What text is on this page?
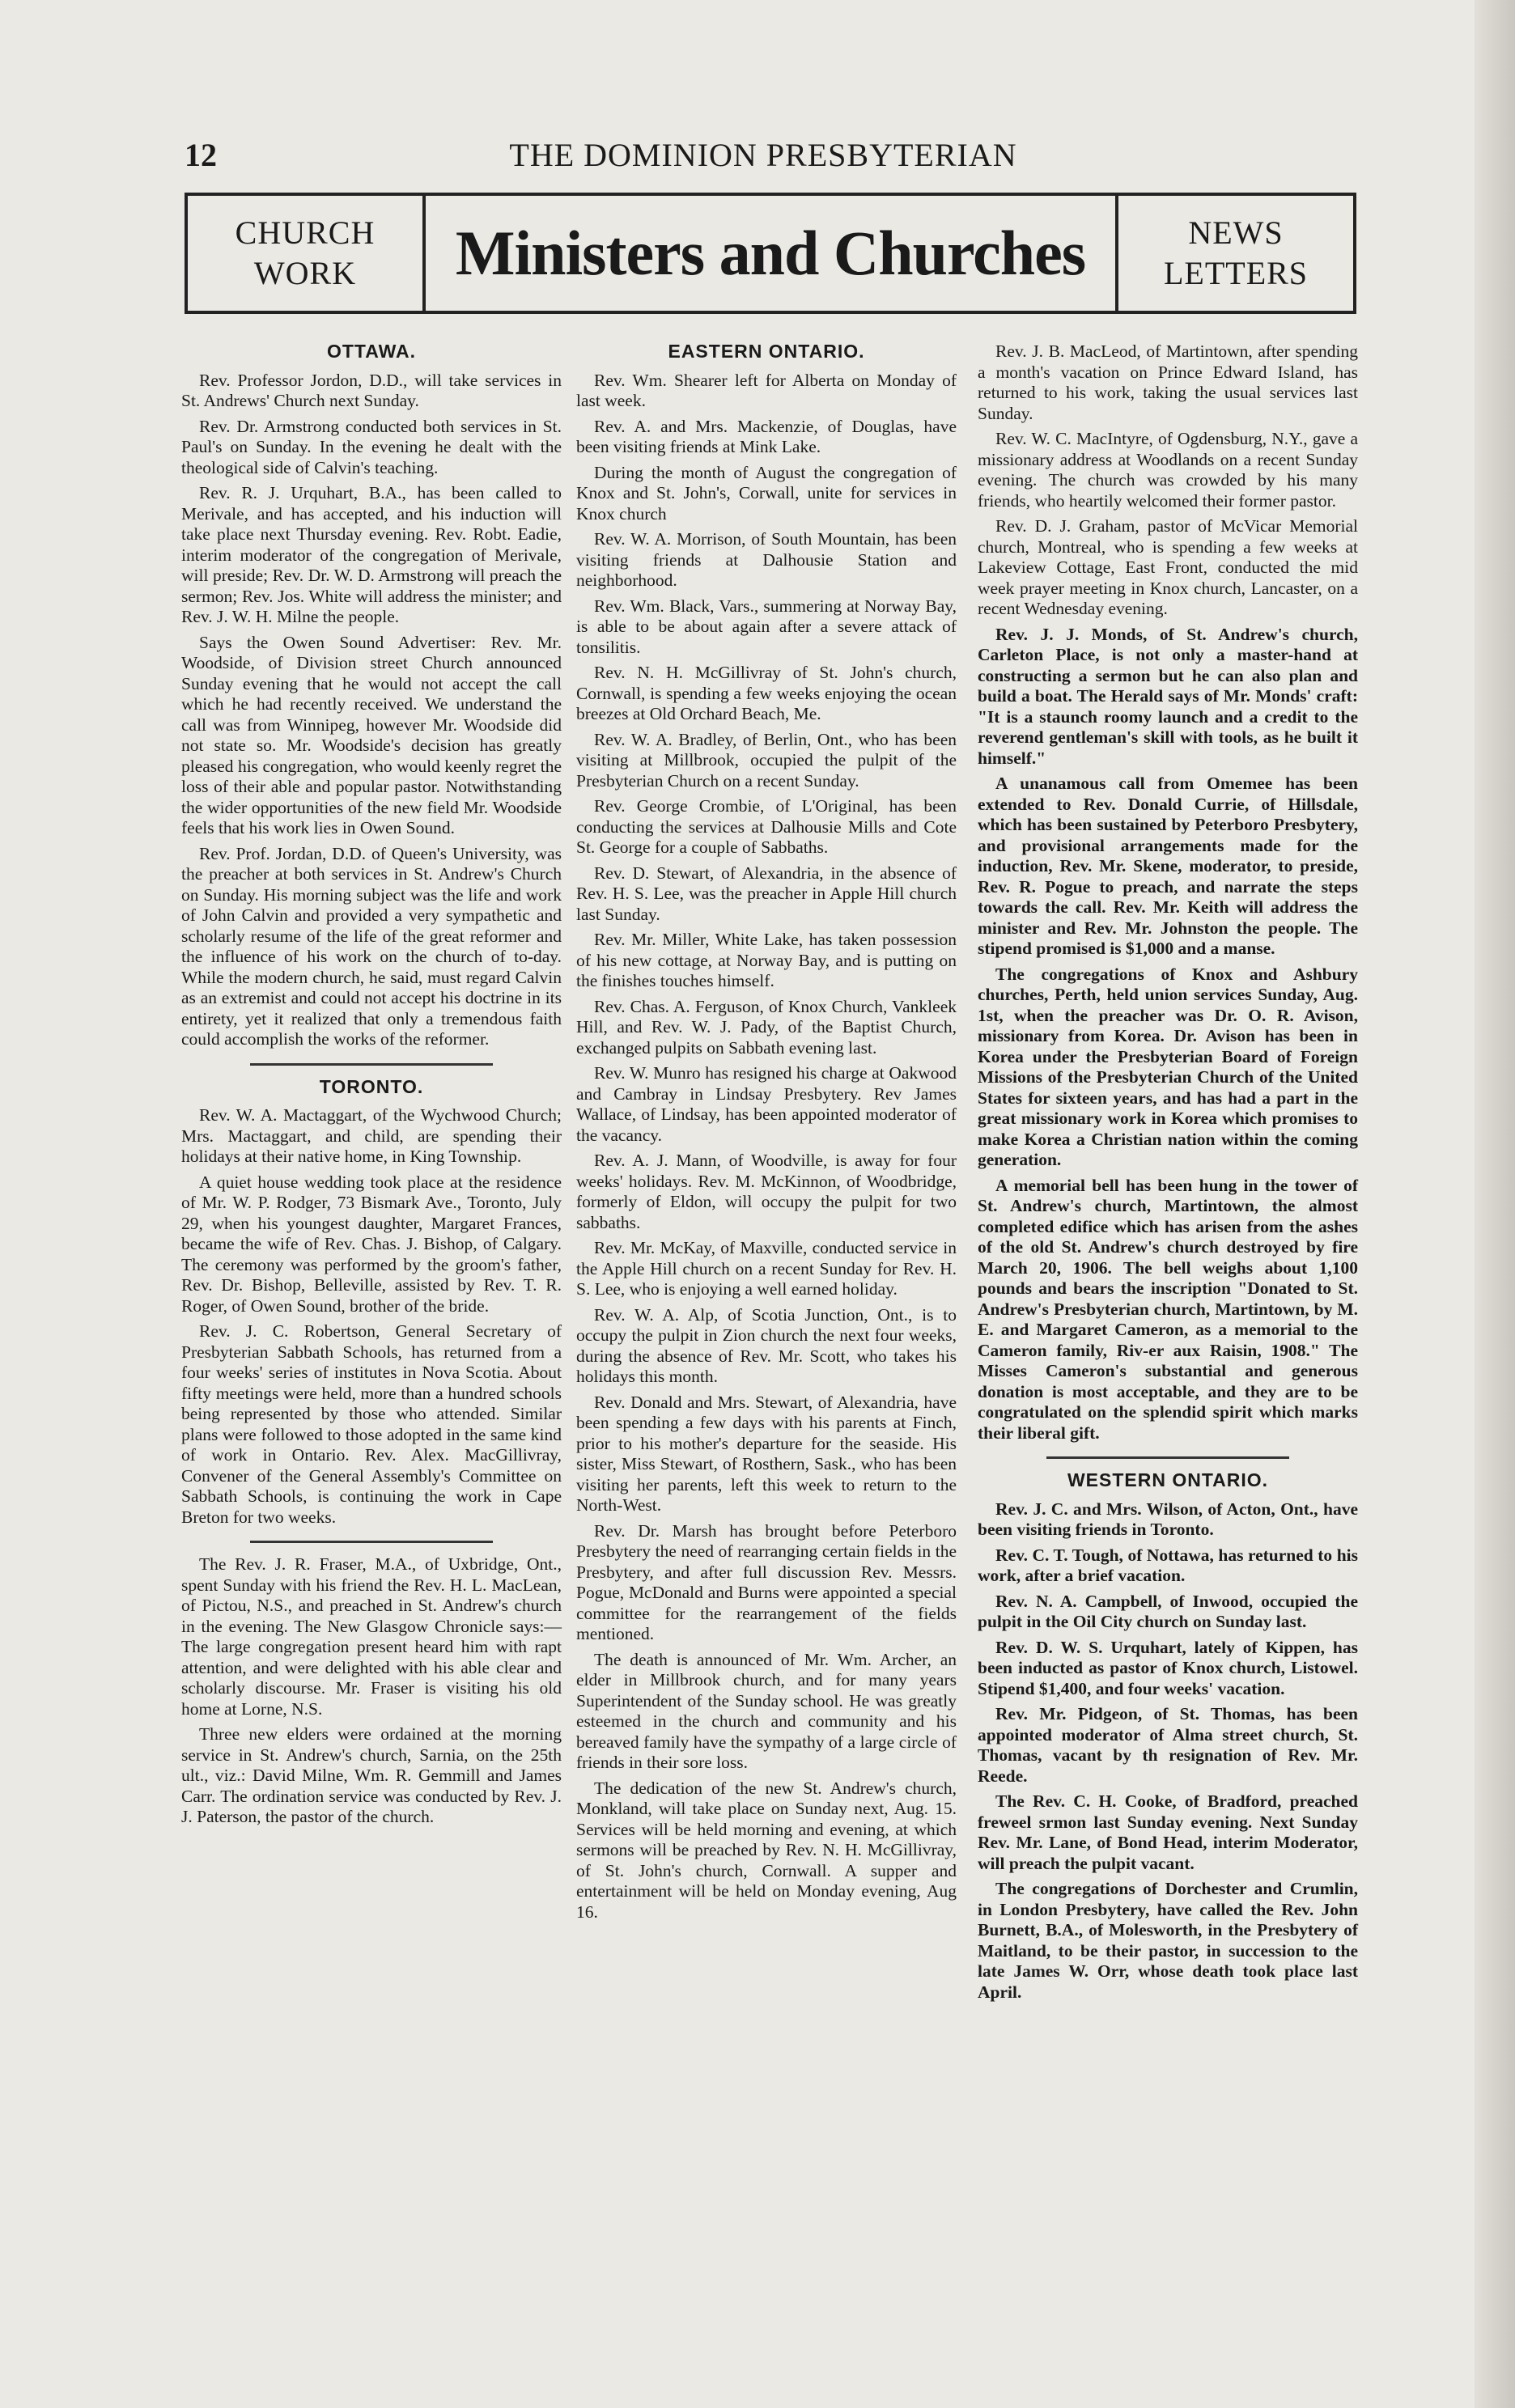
12	THE DOMINION PRESBYTERIAN
CHURCH
WORK	Ministers and Churches	NEWS
LETTERS
OTTAWA.

Rev. Professor Jordon, D.D., will take services in St. Andrews' Church next Sunday.

Rev. Dr. Armstrong conducted both services in St. Paul's on Sunday. In the evening he dealt with the theological side of Calvin's teaching.

Rev. R. J. Urquhart, B.A., has been called to Merivale, and has accepted, and his induction will take place next Thursday evening. Rev. Robt. Eadie, interim moderator of the congregation of Merivale, will preside; Rev. Dr. W. D. Armstrong will preach the sermon; Rev. Jos. White will address the minister; and Rev. J. W. H. Milne the people.

Says the Owen Sound Advertiser: Rev. Mr. Woodside, of Division street Church announced Sunday evening that he would not accept the call which he had recently received. We understand the call was from Winnipeg, however Mr. Woodside did not state so. Mr. Woodside's decision has greatly pleased his congregation, who would keenly regret the loss of their able and popular pastor. Notwithstanding the wider opportunities of the new field Mr. Woodside feels that his work lies in Owen Sound.

Rev. Prof. Jordan, D.D. of Queen's University, was the preacher at both services in St. Andrew's Church on Sunday. His morning subject was the life and work of John Calvin and provided a very sympathetic and scholarly resume of the life of the great reformer and the influence of his work on the church of to-day. While the modern church, he said, must regard Calvin as an extremist and could not accept his doctrine in its entirety, yet it realized that only a tremendous faith could accomplish the works of the reformer.

TORONTO.

Rev. W. A. Mactaggart, of the Wychwood Church; Mrs. Mactaggart, and child, are spending their holidays at their native home, in King Township.

A quiet house wedding took place at the residence of Mr. W. P. Rodger, 73 Bismark Ave., Toronto, July 29, when his youngest daughter, Margaret Frances, became the wife of Rev. Chas. J. Bishop, of Calgary. The ceremony was performed by the groom's father, Rev. Dr. Bishop, Belleville, assisted by Rev. T. R. Roger, of Owen Sound, brother of the bride.

Rev. J. C. Robertson, General Secretary of Presbyterian Sabbath Schools, has returned from a four weeks' series of institutes in Nova Scotia. About fifty meetings were held, more than a hundred schools being represented by those who attended. Similar plans were followed to those adopted in the same kind of work in Ontario. Rev. Alex. MacGillivray, Convener of the General Assembly's Committee on Sabbath Schools, is continuing the work in Cape Breton for two weeks.

The Rev. J. R. Fraser, M.A., of Uxbridge, Ont., spent Sunday with his friend the Rev. H. L. MacLean, of Pictou, N.S., and preached in St. Andrew's church in the evening. The New Glasgow Chronicle says:—The large congregation present heard him with rapt attention, and were delighted with his able clear and scholarly discourse. Mr. Fraser is visiting his old home at Lorne, N.S.

Three new elders were ordained at the morning service in St. Andrew's church, Sarnia, on the 25th ult., viz.: David Milne, Wm. R. Gemmill and James Carr. The ordination service was conducted by Rev. J. J. Paterson, the pastor of the church.

EASTERN ONTARIO.

Rev. Wm. Shearer left for Alberta on Monday of last week.

Rev. A. and Mrs. Mackenzie, of Douglas, have been visiting friends at Mink Lake.

During the month of August the congregation of Knox and St. John's, Corwall, unite for services in Knox church

Rev. W. A. Morrison, of South Mountain, has been visiting friends at Dalhousie Station and neighborhood.

Rev. Wm. Black, Vars., summering at Norway Bay, is able to be about again after a severe attack of tonsilitis.

Rev. N. H. McGillivray of St. John's church, Cornwall, is spending a few weeks enjoying the ocean breezes at Old Orchard Beach, Me.

Rev. W. A. Bradley, of Berlin, Ont., who has been visiting at Millbrook, occupied the pulpit of the Presbyterian Church on a recent Sunday.

Rev. George Crombie, of L'Original, has been conducting the services at Dalhousie Mills and Cote St. George for a couple of Sabbaths.

Rev. D. Stewart, of Alexandria, in the absence of Rev. H. S. Lee, was the preacher in Apple Hill church last Sunday.

Rev. Mr. Miller, White Lake, has taken possession of his new cottage, at Norway Bay, and is putting on the finishes touches himself.

Rev. Chas. A. Ferguson, of Knox Church, Vankleek Hill, and Rev. W. J. Pady, of the Baptist Church, exchanged pulpits on Sabbath evening last.

Rev. W. Munro has resigned his charge at Oakwood and Cambray in Lindsay Presbytery. Rev James Wallace, of Lindsay, has been appointed moderator of the vacancy.

Rev. A. J. Mann, of Woodville, is away for four weeks' holidays. Rev. M. McKinnon, of Woodbridge, formerly of Eldon, will occupy the pulpit for two sabbaths.

Rev. Mr. McKay, of Maxville, conducted service in the Apple Hill church on a recent Sunday for Rev. H. S. Lee, who is enjoying a well earned holiday.

Rev. W. A. Alp, of Scotia Junction, Ont., is to occupy the pulpit in Zion church the next four weeks, during the absence of Rev. Mr. Scott, who takes his holidays this month.

Rev. Donald and Mrs. Stewart, of Alexandria, have been spending a few days with his parents at Finch, prior to his mother's departure for the seaside. His sister, Miss Stewart, of Rosthern, Sask., who has been visiting her parents, left this week to return to the North-West.

Rev. Dr. Marsh has brought before Peterboro Presbytery the need of rearranging certain fields in the Presbytery, and after full discussion Rev. Messrs. Pogue, McDonald and Burns were appointed a special committee for the rearrangement of the fields mentioned.

The death is announced of Mr. Wm. Archer, an elder in Millbrook church, and for many years Superintendent of the Sunday school. He was greatly esteemed in the church and community and his bereaved family have the sympathy of a large circle of friends in their sore loss.

The dedication of the new St. Andrew's church, Monkland, will take place on Sunday next, Aug. 15. Services will be held morning and evening, at which sermons will be preached by Rev. N. H. McGillivray, of St. John's church, Cornwall. A supper and entertainment will be held on Monday evening, Aug 16.

Rev. J. B. MacLeod, of Martintown, after spending a month's vacation on Prince Edward Island, has returned to his work, taking the usual services last Sunday.

Rev. W. C. MacIntyre, of Ogdensburg, N.Y., gave a missionary address at Woodlands on a recent Sunday evening. The church was crowded by his many friends, who heartily welcomed their former pastor.

Rev. D. J. Graham, pastor of McVicar Memorial church, Montreal, who is spending a few weeks at Lakeview Cottage, East Front, conducted the mid week prayer meeting in Knox church, Lancaster, on a recent Wednesday evening.

Rev. J. J. Monds, of St. Andrew's church, Carleton Place, is not only a master-hand at constructing a sermon but he can also plan and build a boat. The Herald says of Mr. Monds' craft: "It is a staunch roomy launch and a credit to the reverend gentleman's skill with tools, as he built it himself."

A unanamous call from Omemee has been extended to Rev. Donald Currie, of Hillsdale, which has been sustained by Peterboro Presbytery, and provisional arrangements made for the induction, Rev. Mr. Skene, moderator, to preside, Rev. R. Pogue to preach, and narrate the steps towards the call. Rev. Mr. Keith will address the minister and Rev. Mr. Johnston the people. The stipend promised is $1,000 and a manse.

The congregations of Knox and Ashbury churches, Perth, held union services Sunday, Aug. 1st, when the preacher was Dr. O. R. Avison, missionary from Korea. Dr. Avison has been in Korea under the Presbyterian Board of Foreign Missions of the Presbyterian Church of the United States for sixteen years, and has had a part in the great missionary work in Korea which promises to make Korea a Christian nation within the coming generation.

A memorial bell has been hung in the tower of St. Andrew's church, Martintown, the almost completed edifice which has arisen from the ashes of the old St. Andrew's church destroyed by fire March 20, 1906. The bell weighs about 1,100 pounds and bears the inscription "Donated to St. Andrew's Presbyterian church, Martintown, by M. E. and Margaret Cameron, as a memorial to the Cameron family, Riv-er aux Raisin, 1908." The Misses Cameron's substantial and generous donation is most acceptable, and they are to be congratulated on the splendid spirit which marks their liberal gift.

WESTERN ONTARIO.

Rev. J. C. and Mrs. Wilson, of Acton, Ont., have been visiting friends in Toronto.

Rev. C. T. Tough, of Nottawa, has returned to his work, after a brief vacation.

Rev. N. A. Campbell, of Inwood, occupied the pulpit in the Oil City church on Sunday last.

Rev. D. W. S. Urquhart, lately of Kippen, has been inducted as pastor of Knox church, Listowel. Stipend $1,400, and four weeks' vacation.

Rev. Mr. Pidgeon, of St. Thomas, has been appointed moderator of Alma street church, St. Thomas, vacant by th resignation of Rev. Mr. Reede.

The Rev. C. H. Cooke, of Bradford, preached freweel srmon last Sunday evening. Next Sunday Rev. Mr. Lane, of Bond Head, interim Moderator, will preach the pulpit vacant.

The congregations of Dorchester and Crumlin, in London Presbytery, have called the Rev. John Burnett, B.A., of Molesworth, in the Presbytery of Maitland, to be their pastor, in succession to the late James W. Orr, whose death took place last April.
